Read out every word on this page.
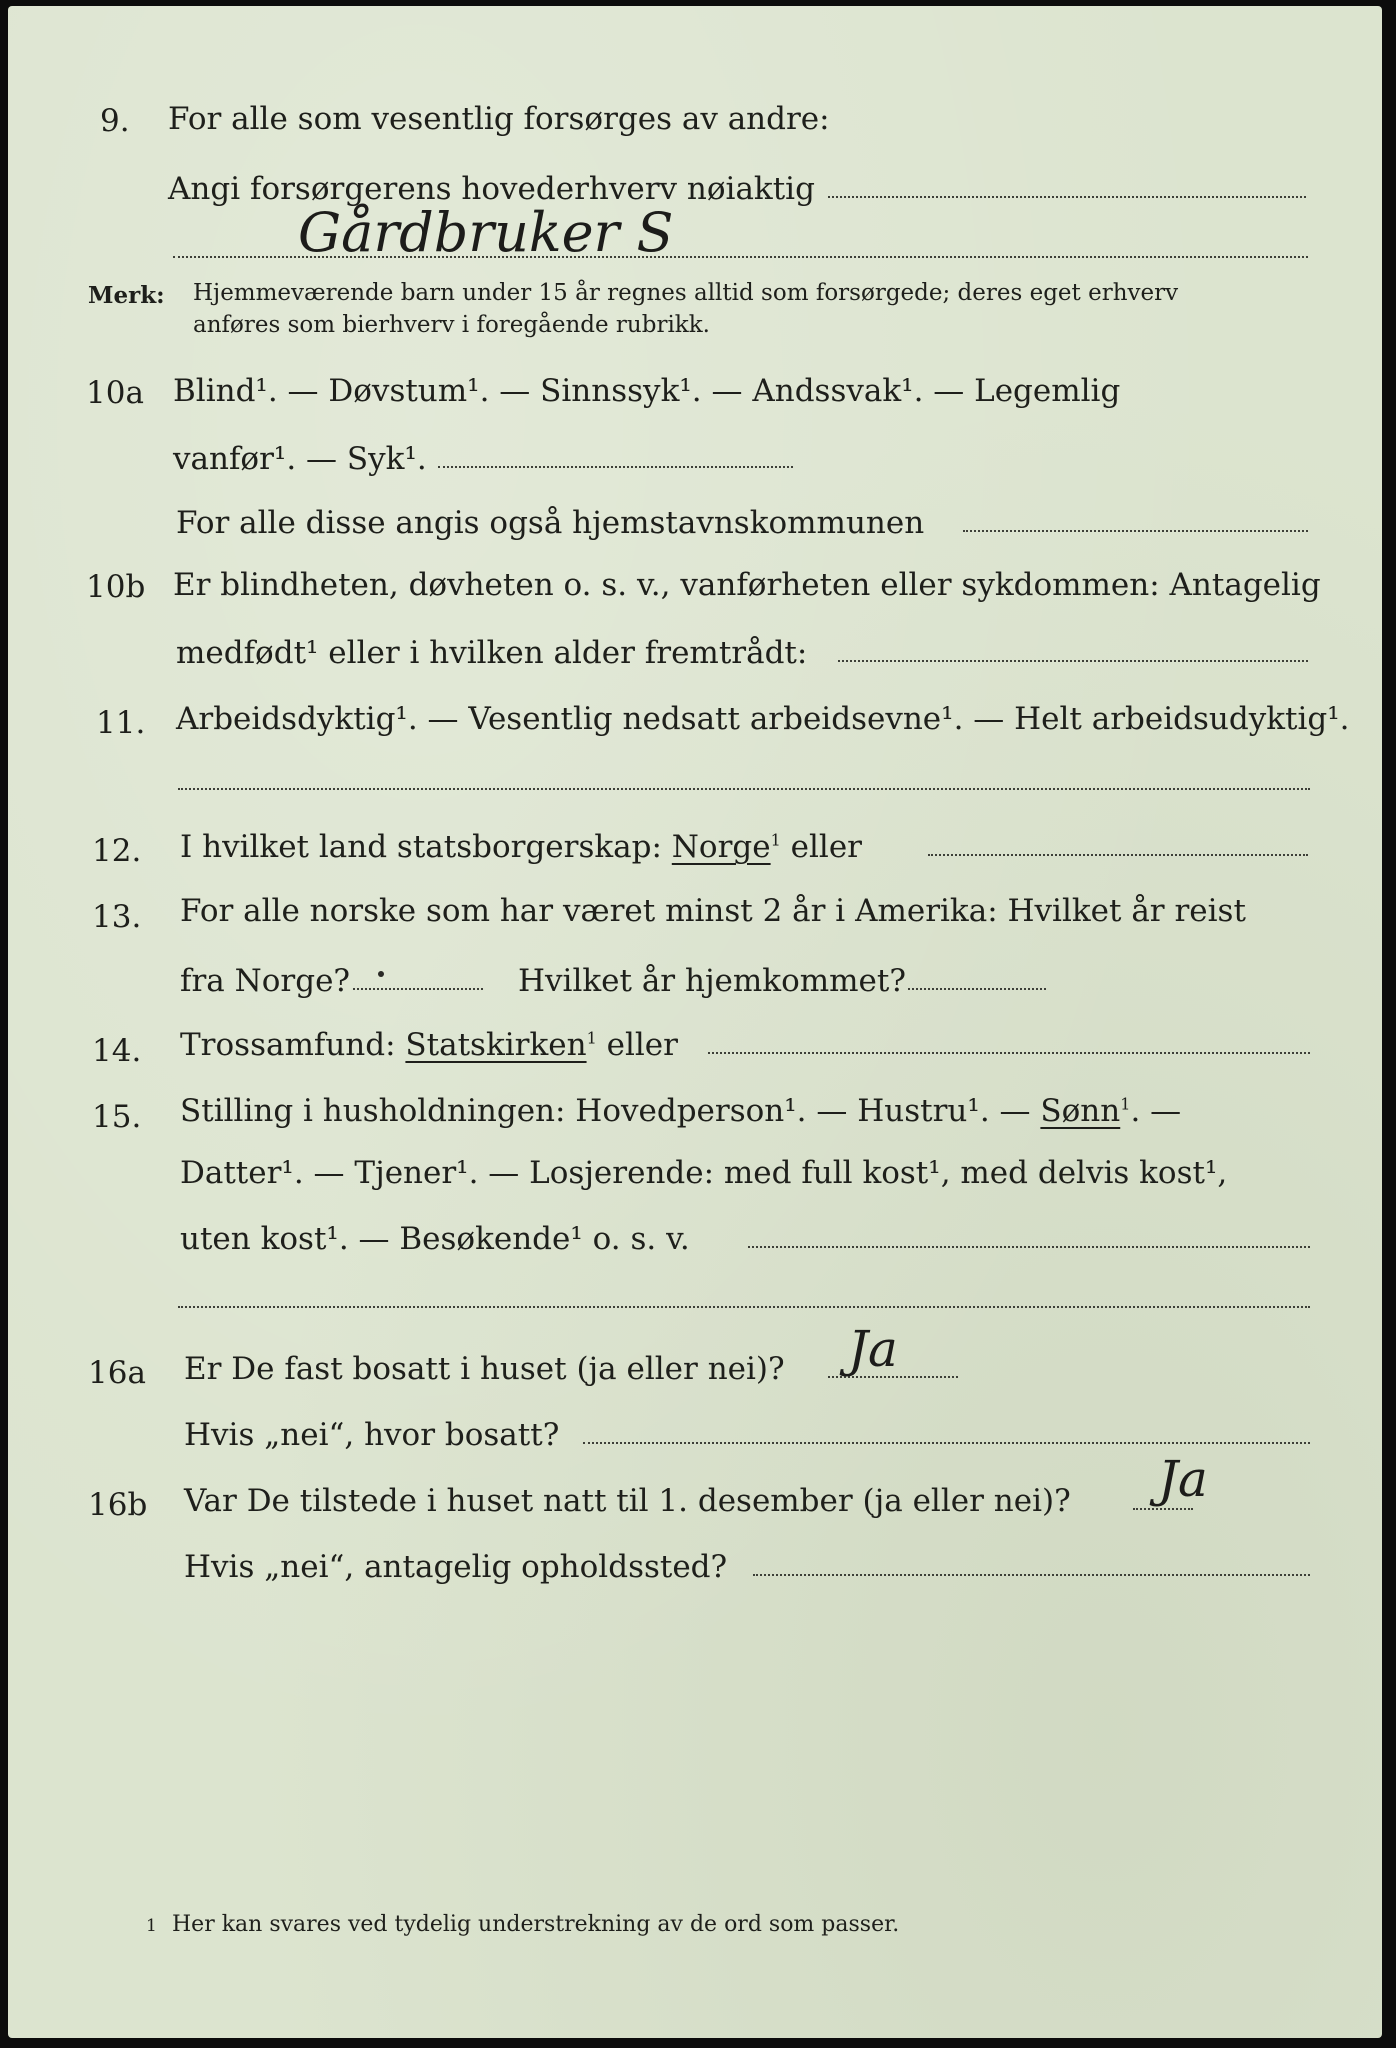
9. For alle som vesentlig forsørges av andre:
Angi forsørgerens hovederhverv nøiaktig
Gårdbruker S
Merk: Hjemmeværende barn under 15 år regnes alltid som forsørgede; deres eget erhverv
anføres som bierhverv i foregående rubrikk.
10a Blind¹. — Døvstum¹. — Sinnssyk¹. — Andssvak¹. — Legemlig
vanfør¹. — Syk¹.
For alle disse angis også hjemstavnskommunen
10b Er blindheten, døvheten o. s. v., vanførheten eller sykdommen: Antagelig
medfødt¹ eller i hvilken alder fremtrådt:
11. Arbeidsdyktig¹. — Vesentlig nedsatt arbeidsevne¹. — Helt arbeidsudyktig¹.
12. I hvilket land statsborgerskap: Norge$^1$ eller
13. For alle norske som har været minst 2 år i Amerika: Hvilket år reist
fra Norge?	Hvilket år hjemkommet?
14. Trossamfund: Statskirken$^1$ eller
15. Stilling i husholdningen: Hovedperson¹. — Hustru¹. — Sønn$^1$. —
Datter¹. — Tjener¹. — Losjerende: med full kost¹, med delvis kost¹,
uten kost¹. — Besøkende¹ o. s. v.
16a Er De fast bosatt i huset (ja eller nei)? Ja
Hvis „nei“, hvor bosatt?
16b Var De tilstede i huset natt til 1. desember (ja eller nei)? Ja
Hvis „nei“, antagelig opholdssted?
1 Her kan svares ved tydelig understrekning av de ord som passer.
